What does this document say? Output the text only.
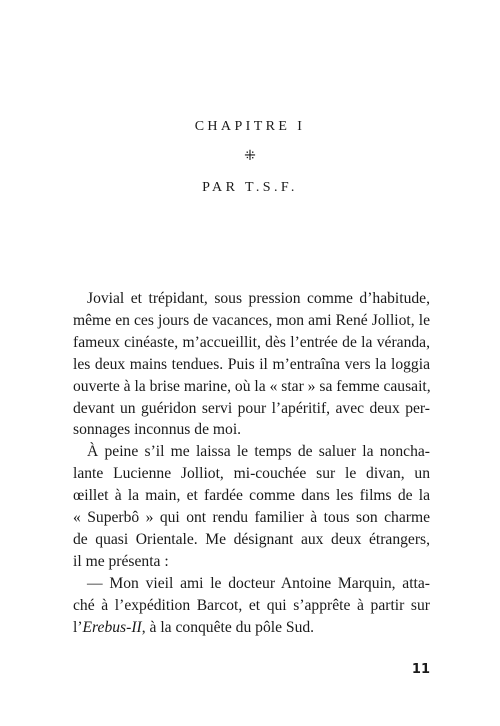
CHAPITRE I
⁜
PAR T.S.F.

Jovial et trépidant, sous pression comme d’habitude,
même en ces jours de vacances, mon ami René Jolliot, le
fameux cinéaste, m’accueillit, dès l’entrée de la véranda,
les deux mains tendues. Puis il m’entraîna vers la loggia
ouverte à la brise marine, où la « star » sa femme causait,
devant un guéridon servi pour l’apéritif, avec deux per-
sonnages inconnus de moi.

À peine s’il me laissa le temps de saluer la noncha-
lante Lucienne Jolliot, mi-couchée sur le divan, un
œillet à la main, et fardée comme dans les films de la
« Superbô » qui ont rendu familier à tous son charme
de quasi Orientale. Me désignant aux deux étrangers,
il me présenta :

— Mon vieil ami le docteur Antoine Marquin, atta-
ché à l’expédition Barcot, et qui s’apprête à partir sur
l’Erebus-II, à la conquête du pôle Sud.

11
